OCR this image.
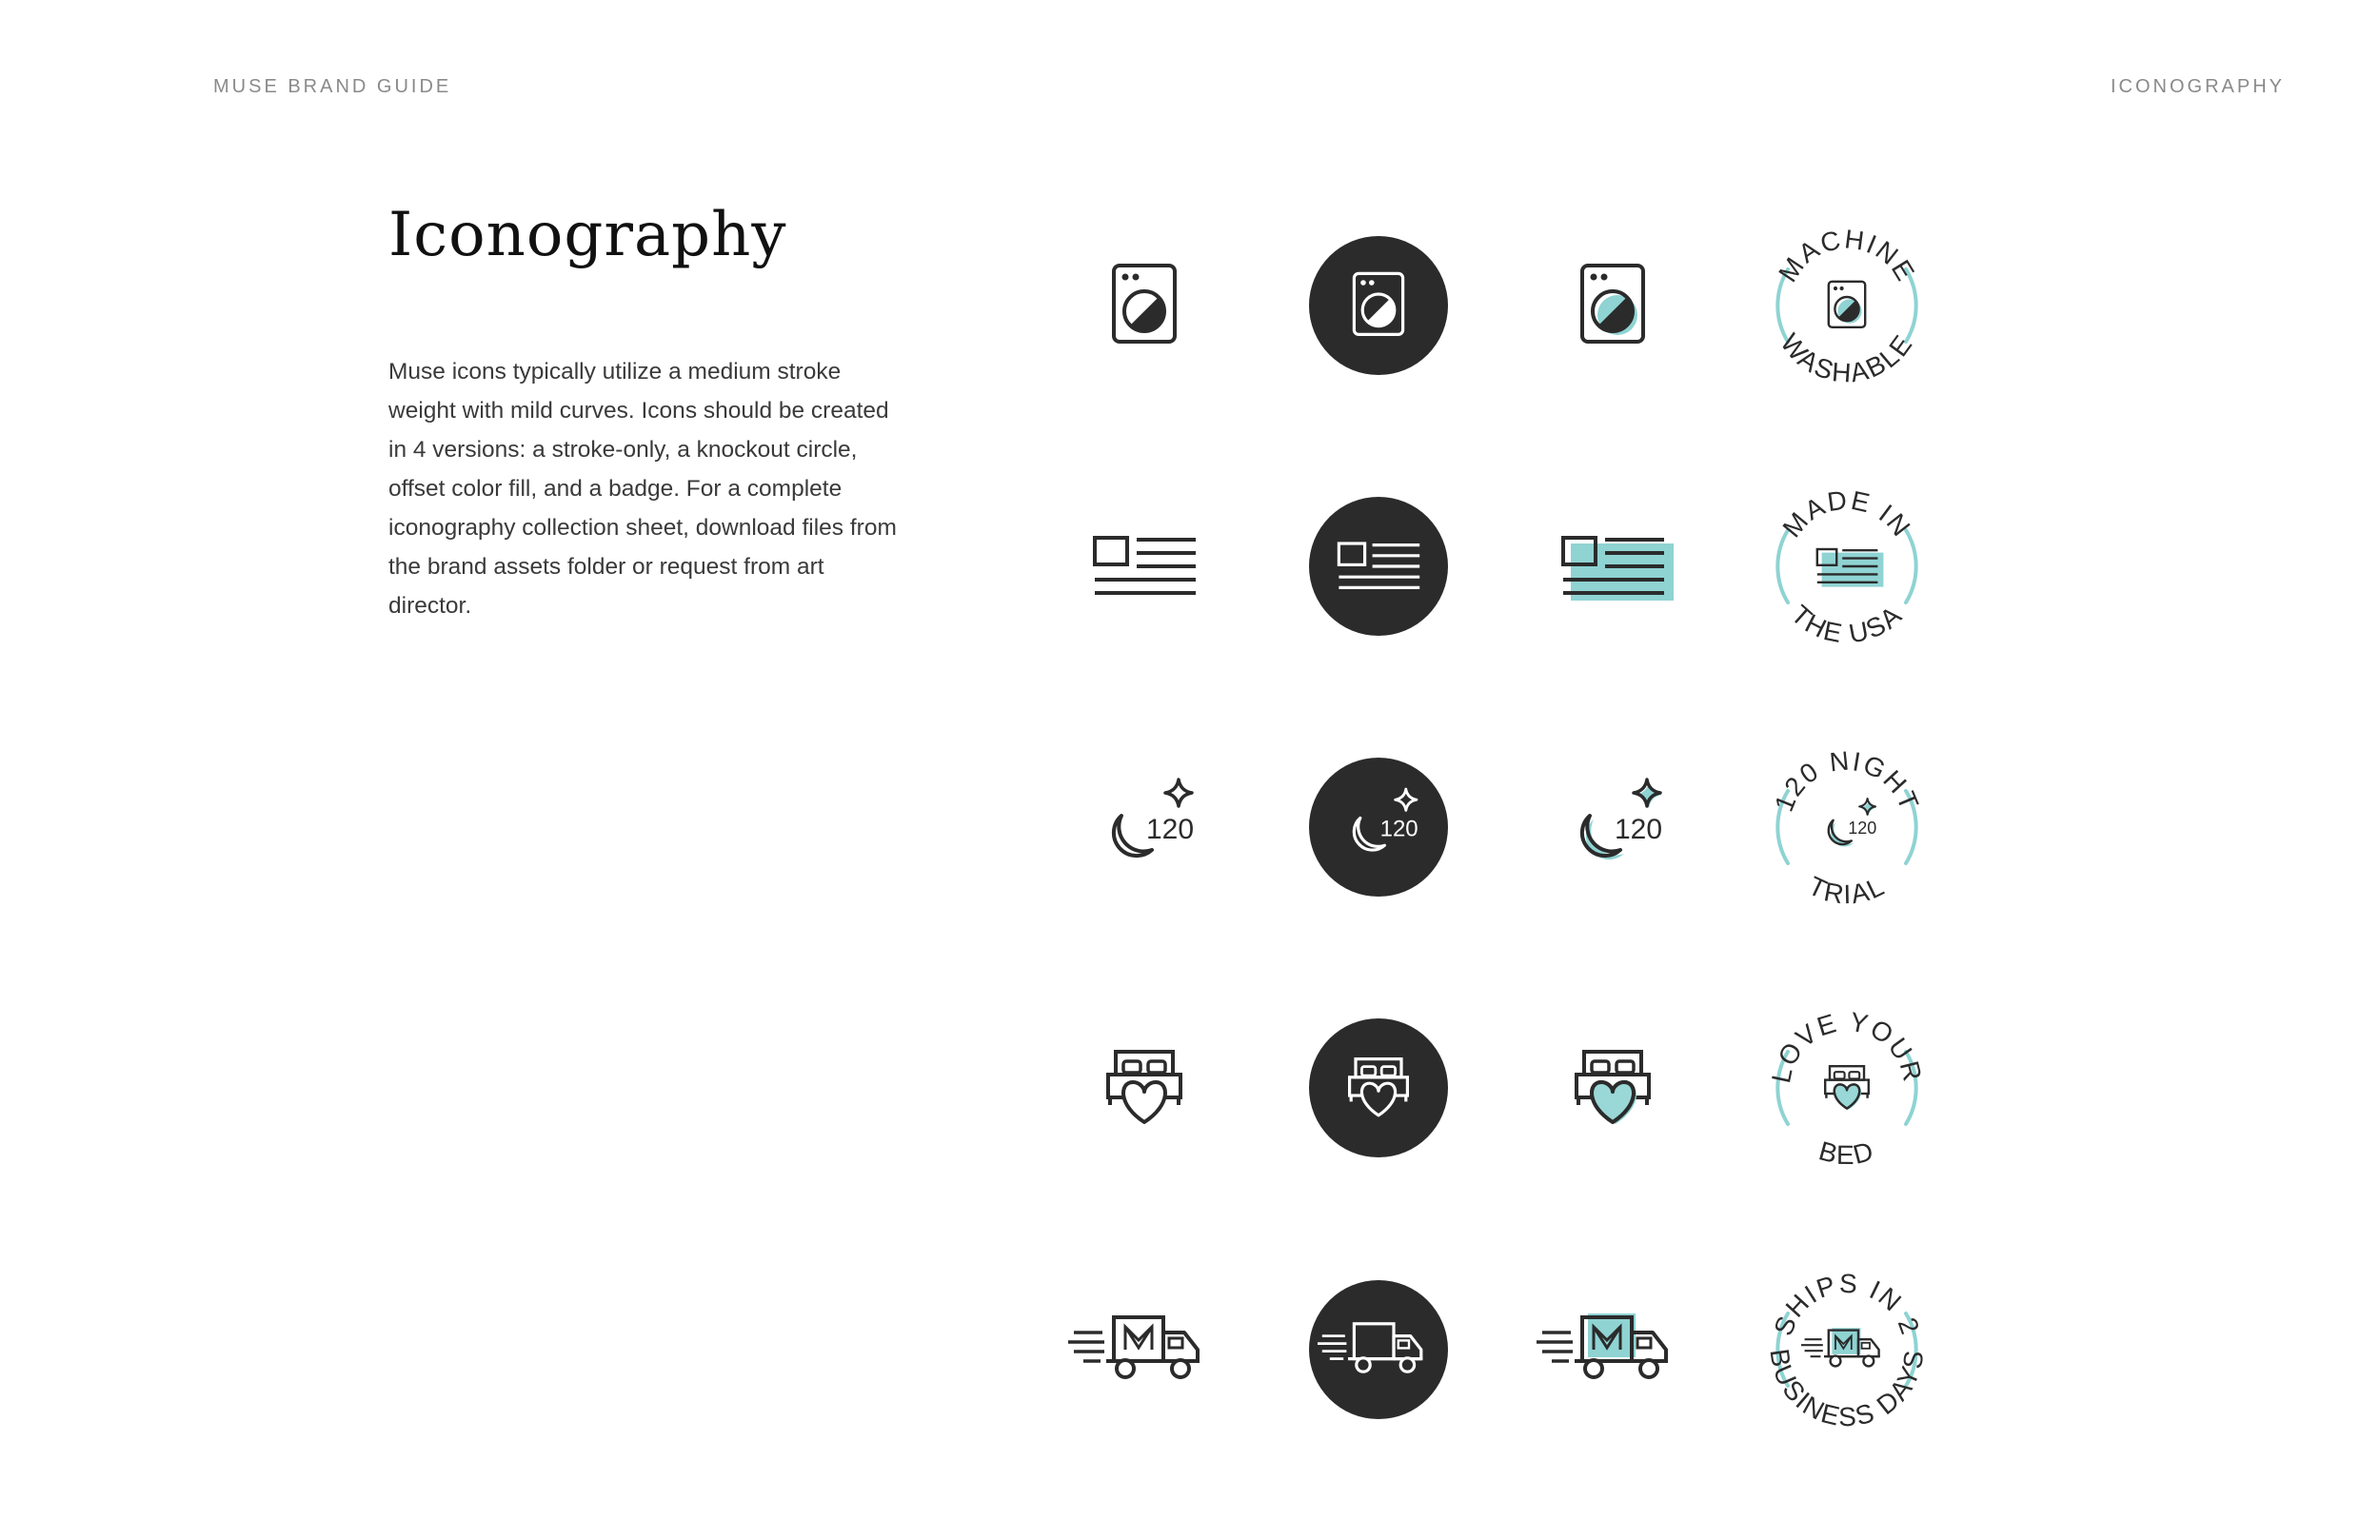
MUSE BRAND GUIDE	ICONOGRAPHY
Iconography

Muse icons typically utilize a medium stroke weight with mild curves. Icons should be created in 4 versions: a stroke-only, a knockout circle, offset color fill, and a badge. For a complete iconography collection sheet, download files from the brand assets folder or request from art director.

MACHINE
WASHABLE
MADE IN
THE USA
120	120	120
120 NIGHT
TRIAL
120
LOVE YOUR
BED
SHIPS IN 2
BUSINESS DAYS
